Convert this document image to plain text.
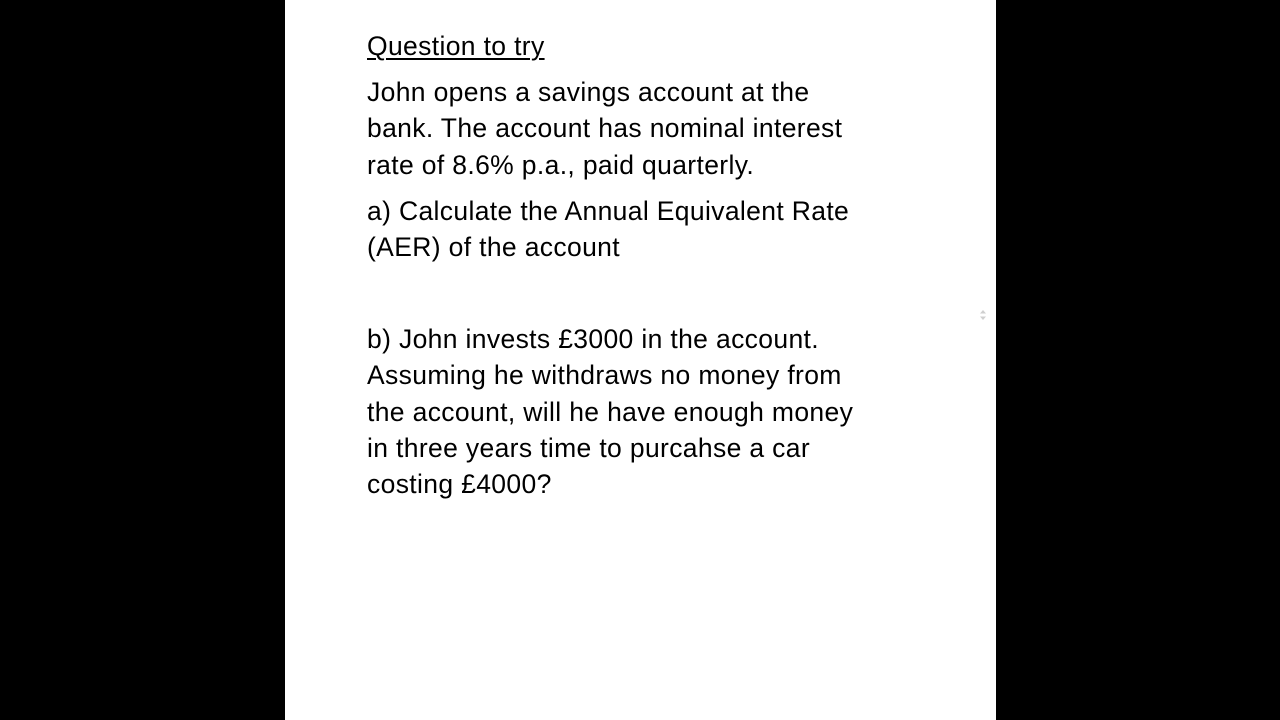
Question to try
John opens a savings account at the
bank. The account has nominal interest
rate of 8.6% p.a., paid quarterly.
a) Calculate the Annual Equivalent Rate
(AER) of the account
b) John invests £3000 in the account.
Assuming he withdraws no money from
the account, will he have enough money
in three years time to purcahse a car
costing £4000?
